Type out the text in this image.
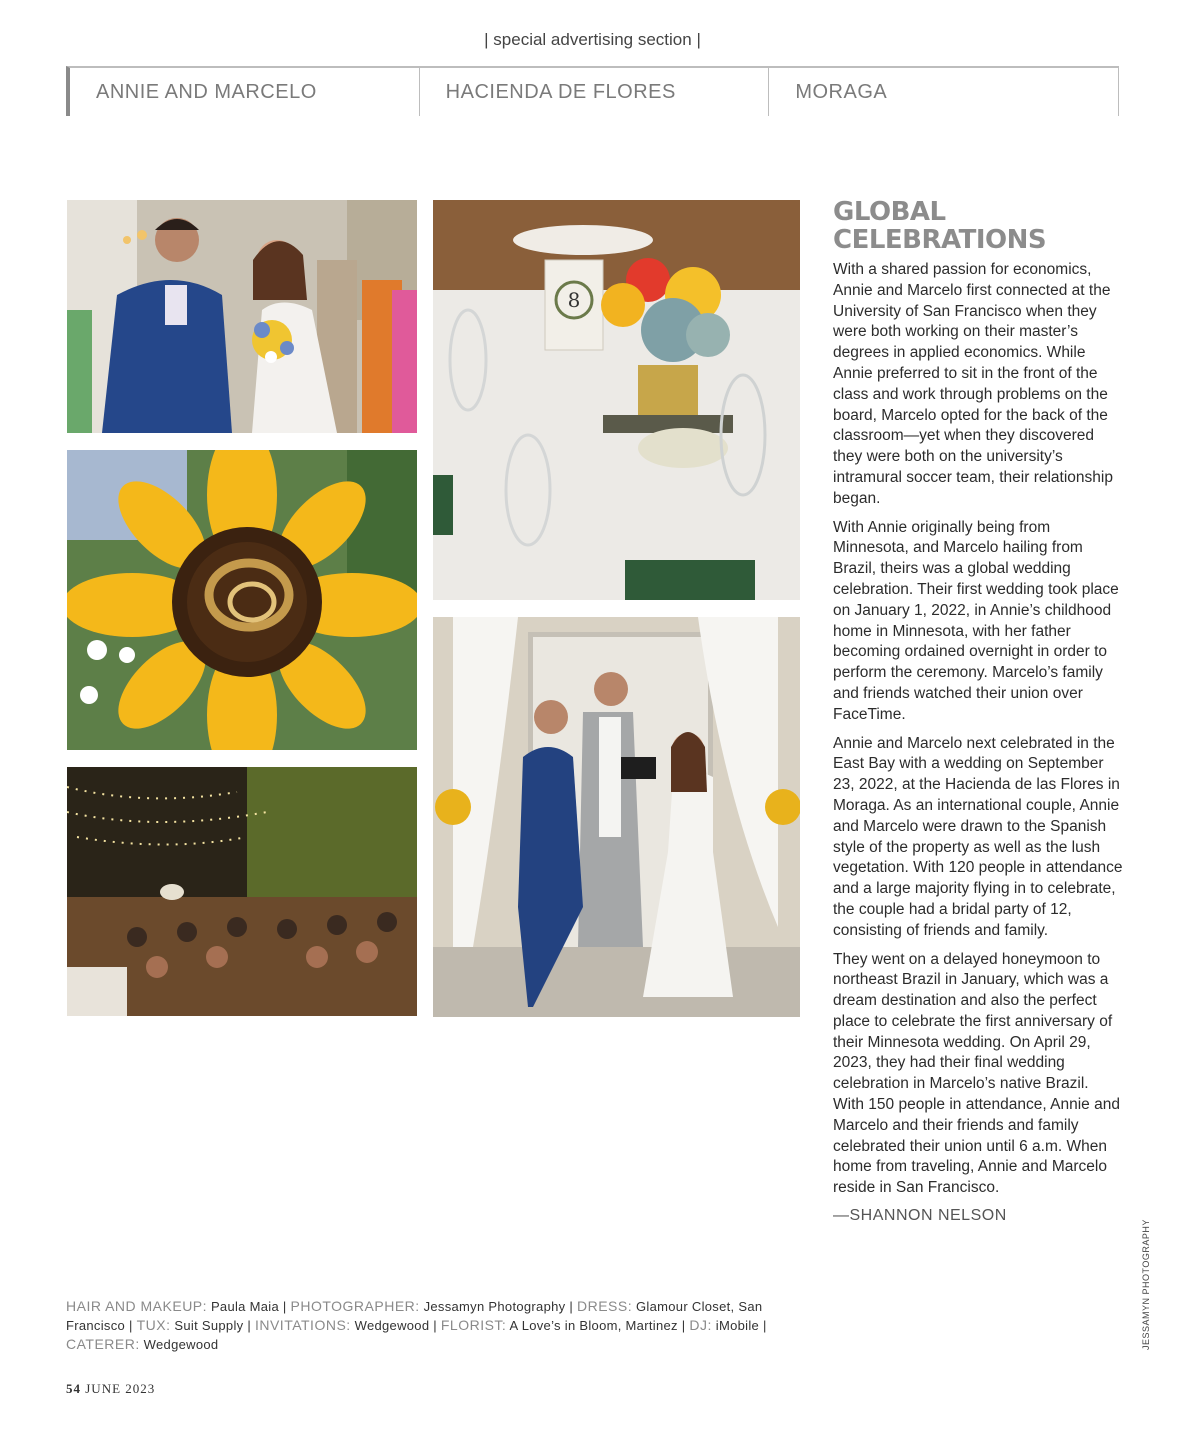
| special advertising section |
ANNIE AND MARCELO	HACIENDA DE FLORES	MORAGA
8
GLOBAL
CELEBRATIONS

With a shared passion for economics, Annie and Marcelo first connected at the University of San Francisco when they were both working on their master’s degrees in applied economics. While Annie preferred to sit in the front of the class and work through problems on the board, Marcelo opted for the back of the classroom—yet when they discovered they were both on the university’s intramural soccer team, their relationship began.

With Annie originally being from Minnesota, and Marcelo hailing from Brazil, theirs was a global wedding celebration. Their first wedding took place on January 1, 2022, in Annie’s childhood home in Minnesota, with her father becoming ordained overnight in order to perform the ceremony. Marcelo’s family and friends watched their union over FaceTime.

Annie and Marcelo next celebrated in the East Bay with a wedding on September 23, 2022, at the Hacienda de las Flores in Moraga. As an international couple, Annie and Marcelo were drawn to the Spanish style of the property as well as the lush vegetation. With 120 people in attendance and a large majority flying in to celebrate, the couple had a bridal party of 12, consisting of friends and family.

They went on a delayed honeymoon to northeast Brazil in January, which was a dream destination and also the perfect place to celebrate the first anniversary of their Minnesota wedding. On April 29, 2023, they had their final wedding celebration in Marcelo’s native Brazil. With 150 people in attendance, Annie and Marcelo and their friends and family celebrated their union until 6 a.m. When home from traveling, Annie and Marcelo reside in San Francisco.

—SHANNON NELSON
HAIR AND MAKEUP: Paula Maia | PHOTOGRAPHER: Jessamyn Photography | DRESS: Glamour Closet, San Francisco | TUX: Suit Supply | INVITATIONS: Wedgewood | FLORIST: A Love’s in Bloom, Martinez | DJ: iMobile | CATERER: Wedgewood
54 JUNE 2023
JESSAMYN PHOTOGRAPHY
